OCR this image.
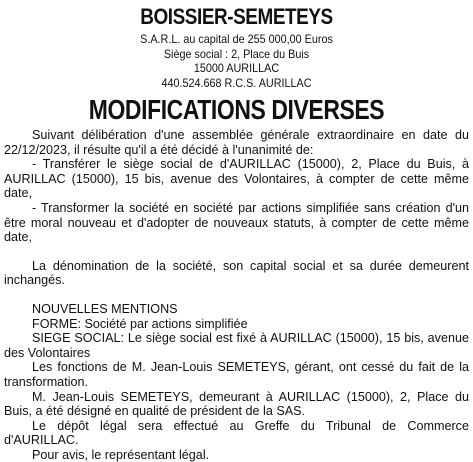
BOISSIER-SEMETEYS

S.A.R.L. au capital de 255 000,00 Euros

Siège social : 2, Place du Buis

15000 AURILLAC

440.524.668 R.C.S. AURILLAC

MODIFICATIONS DIVERSES

Suivant délibération d'une assemblée générale extraordinaire en date du 22/12/2023, il résulte qu'il a été décidé à l'unanimité de:

- Transférer le siège social de d'AURILLAC (15000), 2, Place du Buis, à AURILLAC (15000), 15 bis, avenue des Volontaires, à compter de cette même date,

- Transformer la société en société par actions simplifiée sans création d'un être moral nouveau et d'adopter de nouveaux statuts, à compter de cette même date,

La dénomination de la société, son capital social et sa durée demeurent inchangés.

NOUVELLES MENTIONS

FORME: Société par actions simplifiée

SIEGE SOCIAL: Le siège social est fixé à AURILLAC (15000), 15 bis, avenue des Volontaires

Les fonctions de M. Jean-Louis SEMETEYS, gérant, ont cessé du fait de la transformation.

M. Jean-Louis SEMETEYS, demeurant à AURILLAC (15000), 2, Place du Buis, a été désigné en qualité de président de la SAS.

Le dépôt légal sera effectué au Greffe du Tribunal de Commerce d'AURILLAC.

Pour avis, le représentant légal.
